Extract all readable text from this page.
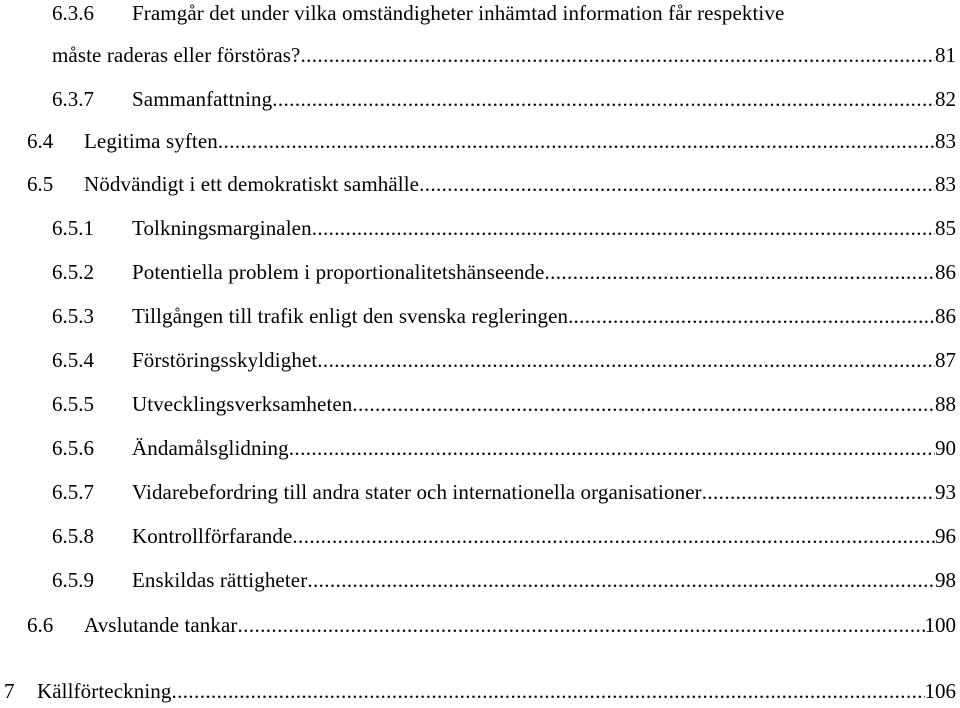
6.3.6 Framgår det under vilka omständigheter inhämtad information får respektive
måste raderas eller förstöras? .....	81
6.3.7 Sammanfattning .....	82
6.4 Legitima syften .....	83
6.5 Nödvändigt i ett demokratiskt samhälle .....	83
6.5.1 Tolkningsmarginalen .....	85
6.5.2 Potentiella problem i proportionalitetshänseende .....	86
6.5.3 Tillgången till trafik enligt den svenska regleringen. .....	86
6.5.4 Förstöringsskyldighet .....	87
6.5.5 Utvecklingsverksamheten .....	88
6.5.6 Ändamålsglidning .....	90
6.5.7 Vidarebefordring till andra stater och internationella organisationer .....	93
6.5.8 Kontrollförfarande .....	96
6.5.9 Enskildas rättigheter .....	98
6.6 Avslutande tankar .....	100
7 Källförteckning .....	106
